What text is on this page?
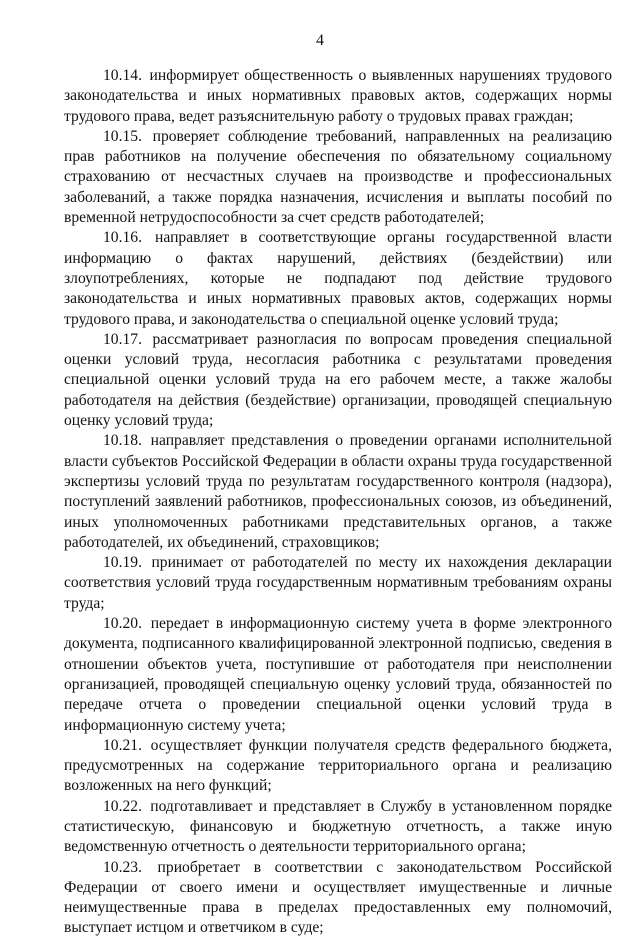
4

10.14. информирует общественность о выявленных нарушениях трудового законодательства и иных нормативных правовых актов, содержащих нормы трудового права, ведет разъяснительную работу о трудовых правах граждан;

10.15. проверяет соблюдение требований, направленных на реализацию прав работников на получение обеспечения по обязательному социальному страхованию от несчастных случаев на производстве и профессиональных заболеваний, а также порядка назначения, исчисления и выплаты пособий по временной нетрудоспособности за счет средств работодателей;

10.16. направляет в соответствующие органы государственной власти информацию о фактах нарушений, действиях (бездействии) или злоупотреблениях, которые не подпадают под действие трудового законодательства и иных нормативных правовых актов, содержащих нормы трудового права, и законодательства о специальной оценке условий труда;

10.17. рассматривает разногласия по вопросам проведения специальной оценки условий труда, несогласия работника с результатами проведения специальной оценки условий труда на его рабочем месте, а также жалобы работодателя на действия (бездействие) организации, проводящей специальную оценку условий труда;

10.18. направляет представления о проведении органами исполнительной власти субъектов Российской Федерации в области охраны труда государственной экспертизы условий труда по результатам государственного контроля (надзора), поступлений заявлений работников, профессиональных союзов, из объединений, иных уполномоченных работниками представительных органов, а также работодателей, их объединений, страховщиков;

10.19. принимает от работодателей по месту их нахождения декларации соответствия условий труда государственным нормативным требованиям охраны труда;

10.20. передает в информационную систему учета в форме электронного документа, подписанного квалифицированной электронной подписью, сведения в отношении объектов учета, поступившие от работодателя при неисполнении организацией, проводящей специальную оценку условий труда, обязанностей по передаче отчета о проведении специальной оценки условий труда в информационную систему учета;

10.21. осуществляет функции получателя средств федерального бюджета, предусмотренных на содержание территориального органа и реализацию возложенных на него функций;

10.22. подготавливает и представляет в Службу в установленном порядке статистическую, финансовую и бюджетную отчетность, а также иную ведомственную отчетность о деятельности территориального органа;

10.23. приобретает в соответствии с законодательством Российской Федерации от своего имени и осуществляет имущественные и личные неимущественные права в пределах предоставленных ему полномочий, выступает истцом и ответчиком в суде;
